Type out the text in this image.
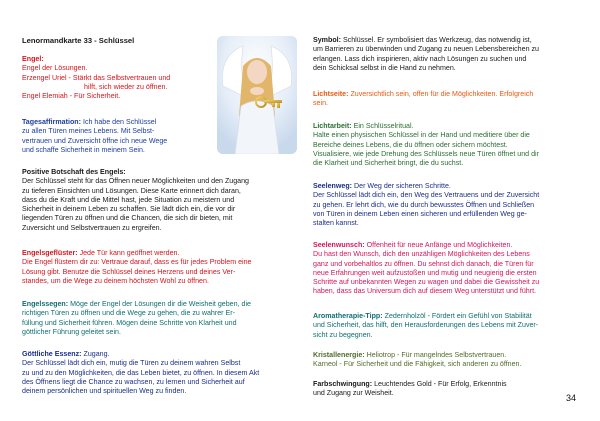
Lenormandkarte 33 - Schlüssel
Engel:
Engel der Lösungen.
Erzengel Uriel - Stärkt das Selbstvertrauen und
hilft, sich wieder zu öffnen.
Engel Elemiah - Für Sicherheit.
Tagesaffirmation: Ich habe den Schlüssel
zu allen Türen meines Lebens. Mit Selbst-
vertrauen und Zuversicht öffne ich neue Wege
und schaffe Sicherheit in meinem Sein.
Positive Botschaft des Engels:
Der Schlüssel steht für das Öffnen neuer Möglichkeiten und den Zugang
zu tieferen Einsichten und Lösungen. Diese Karte erinnert dich daran,
dass du die Kraft und die Mittel hast, jede Situation zu meistern und
Sicherheit in deinem Leben zu schaffen. Sie lädt dich ein, die vor dir
liegenden Türen zu öffnen und die Chancen, die sich dir bieten, mit
Zuversicht und Selbstvertrauen zu ergreifen.
Engelsgeflüster: Jede Tür kann geöffnet werden.
Die Engel flüstern dir zu: Vertraue darauf, dass es für jedes Problem eine
Lösung gibt. Benutze die Schlüssel deines Herzens und deines Ver-
standes, um die Wege zu deinem höchsten Wohl zu öffnen.
Engelssegen: Möge der Engel der Lösungen dir die Weisheit geben, die
richtigen Türen zu öffnen und die Wege zu gehen, die zu wahrer Er-
füllung und Sicherheit führen. Mögen deine Schritte von Klarheit und
göttlicher Führung geleitet sein.
Göttliche Essenz: Zugang.
Der Schlüssel lädt dich ein, mutig die Türen zu deinem wahren Selbst
zu und zu den Möglichkeiten, die das Leben bietet, zu öffnen. In diesem Akt
des Öffnens liegt die Chance zu wachsen, zu lernen und Sicherheit auf
deinem persönlichen und spirituellen Weg zu finden.
Symbol: Schlüssel. Er symbolisiert das Werkzeug, das notwendig ist,
um Barrieren zu überwinden und Zugang zu neuen Lebensbereichen zu
erlangen. Lass dich inspirieren, aktiv nach Lösungen zu suchen und
dein Schicksal selbst in die Hand zu nehmen.
Lichtseite: Zuversichtlich sein, offen für die Möglichkeiten. Erfolgreich
sein.
Lichtarbeit: Ein Schlüsselritual.
Halte einen physischen Schlüssel in der Hand und meditiere über die
Bereiche deines Lebens, die du öffnen oder sichern möchtest.
Visualisiere, wie jede Drehung des Schlüssels neue Türen öffnet und dir
die Klarheit und Sicherheit bringt, die du suchst.
Seelenweg: Der Weg der sicheren Schritte.
Der Schlüssel lädt dich ein, den Weg des Vertrauens und der Zuversicht
zu gehen. Er lehrt dich, wie du durch bewusstes Öffnen und Schließen
von Türen in deinem Leben einen sicheren und erfüllenden Weg ge-
stalten kannst.
Seelenwunsch: Offenheit für neue Anfänge und Möglichkeiten.
Du hast den Wunsch, dich den unzähligen Möglichkeiten des Lebens
ganz und vorbehaltlos zu öffnen. Du sehnst dich danach, die Türen für
neue Erfahrungen weit aufzustoßen und mutig und neugierig die ersten
Schritte auf unbekannten Wegen zu wagen und dabei die Gewissheit zu
haben, dass das Universum dich auf diesem Weg unterstützt und führt.
Aromatherapie-Tipp: Zedernholzöl - Fördert ein Gefühl von Stabilität
und Sicherheit, das hilft, den Herausforderungen des Lebens mit Zuver-
sicht zu begegnen.
Kristallenergie: Heliotrop - Für mangelndes Selbstvertrauen.
Karneol - Für Sicherheit und die Fähigkeit, sich anderen zu öffnen.
Farbschwingung: Leuchtendes Gold - Für Erfolg, Erkenntnis
und Zugang zur Weisheit.	34
